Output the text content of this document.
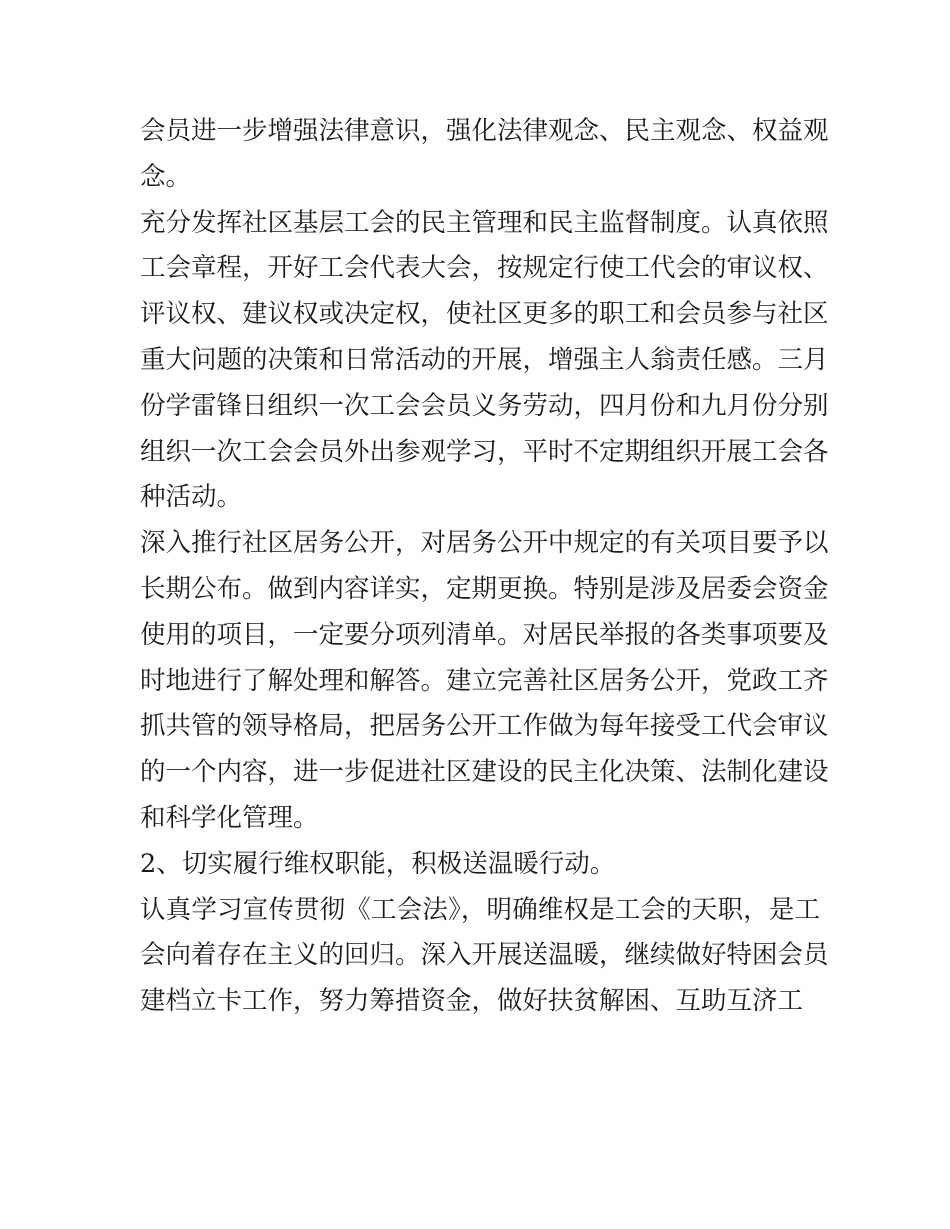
会员进一步增强法律意识，强化法律观念、民主观念、权益观
念。
充分发挥社区基层工会的民主管理和民主监督制度。认真依照
工会章程，开好工会代表大会，按规定行使工代会的审议权、
评议权、建议权或决定权，使社区更多的职工和会员参与社区
重大问题的决策和日常活动的开展，增强主人翁责任感。三月
份学雷锋日组织一次工会会员义务劳动，四月份和九月份分别
组织一次工会会员外出参观学习，平时不定期组织开展工会各
种活动。
深入推行社区居务公开，对居务公开中规定的有关项目要予以
长期公布。做到内容详实，定期更换。特别是涉及居委会资金
使用的项目，一定要分项列清单。对居民举报的各类事项要及
时地进行了解处理和解答。建立完善社区居务公开，党政工齐
抓共管的领导格局，把居务公开工作做为每年接受工代会审议
的一个内容，进一步促进社区建设的民主化决策、法制化建设
和科学化管理。
2、切实履行维权职能，积极送温暖行动。
认真学习宣传贯彻《工会法》，明确维权是工会的天职，是工
会向着存在主义的回归。深入开展送温暖，继续做好特困会员
建档立卡工作，努力筹措资金，做好扶贫解困、互助互济工
